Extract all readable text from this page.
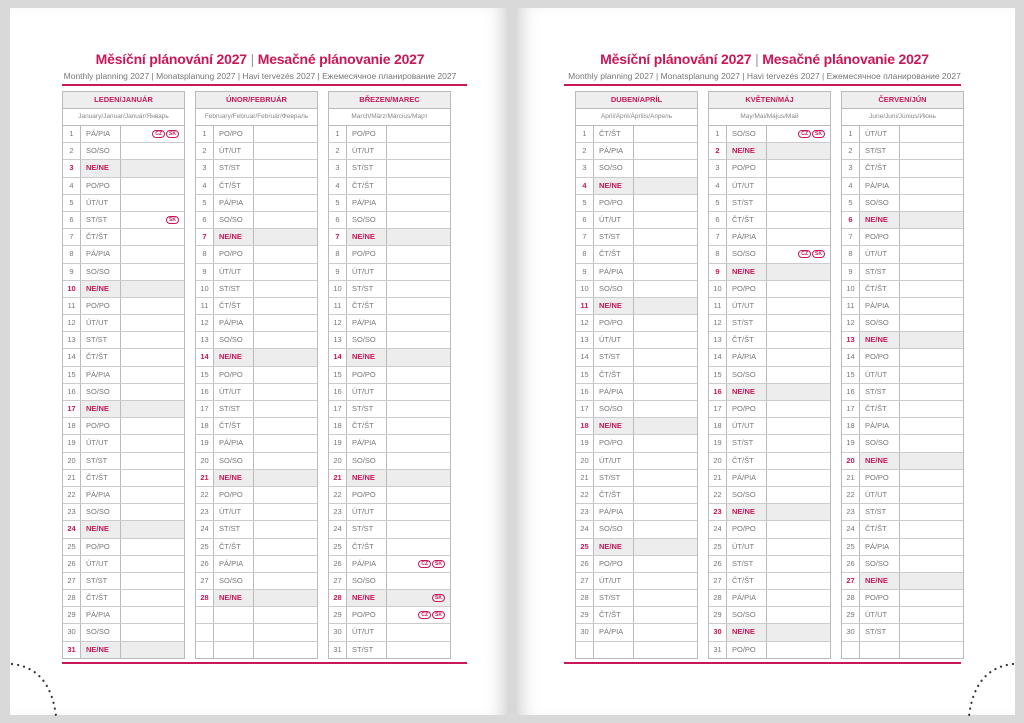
Měsíční plánování 2027 | Mesačné plánovanie 2027
Monthly planning 2027 | Monatsplanung 2027 | Havi tervezés 2027 | Ежемесячное планирование 2027
Měsíční plánování 2027 | Mesačné plánovanie 2027
Monthly planning 2027 | Monatsplanung 2027 | Havi tervezés 2027 | Ежемесячное планирование 2027
LEDEN/JANUÁR
January/Januar/Január/Январь
1	PÁ/PIA	CZ SK
2	SO/SO
3	NE/NE
4	PO/PO
5	ÚT/UT
6	ST/ST	SK
7	ČT/ŠT
8	PÁ/PIA
9	SO/SO
10	NE/NE
11	PO/PO
12	ÚT/UT
13	ST/ST
14	ČT/ŠT
15	PÁ/PIA
16	SO/SO
17	NE/NE
18	PO/PO
19	ÚT/UT
20	ST/ST
21	ČT/ŠT
22	PÁ/PIA
23	SO/SO
24	NE/NE
25	PO/PO
26	ÚT/UT
27	ST/ST
28	ČT/ŠT
29	PÁ/PIA
30	SO/SO
31	NE/NE
ÚNOR/FEBRUÁR
February/Februar/Február/Февраль
1	PO/PO
2	ÚT/UT
3	ST/ST
4	ČT/ŠT
5	PÁ/PIA
6	SO/SO
7	NE/NE
8	PO/PO
9	ÚT/UT
10	ST/ST
11	ČT/ŠT
12	PÁ/PIA
13	SO/SO
14	NE/NE
15	PO/PO
16	ÚT/UT
17	ST/ST
18	ČT/ŠT
19	PÁ/PIA
20	SO/SO
21	NE/NE
22	PO/PO
23	ÚT/UT
24	ST/ST
25	ČT/ŠT
26	PÁ/PIA
27	SO/SO
28	NE/NE
BŘEZEN/MAREC
March/März/Március/Март
1	PO/PO
2	ÚT/UT
3	ST/ST
4	ČT/ŠT
5	PÁ/PIA
6	SO/SO
7	NE/NE
8	PO/PO
9	ÚT/UT
10	ST/ST
11	ČT/ŠT
12	PÁ/PIA
13	SO/SO
14	NE/NE
15	PO/PO
16	ÚT/UT
17	ST/ST
18	ČT/ŠT
19	PÁ/PIA
20	SO/SO
21	NE/NE
22	PO/PO
23	ÚT/UT
24	ST/ST
25	ČT/ŠT
26	PÁ/PIA	CZ SK
27	SO/SO
28	NE/NE	SK
29	PO/PO	CZ SK
30	ÚT/UT
31	ST/ST
DUBEN/APRÍL
April/April/Április/Апрель
1	ČT/ŠT
2	PÁ/PIA
3	SO/SO
4	NE/NE
5	PO/PO
6	ÚT/UT
7	ST/ST
8	ČT/ŠT
9	PÁ/PIA
10	SO/SO
11	NE/NE
12	PO/PO
13	ÚT/UT
14	ST/ST
15	ČT/ŠT
16	PÁ/PIA
17	SO/SO
18	NE/NE
19	PO/PO
20	ÚT/UT
21	ST/ST
22	ČT/ŠT
23	PÁ/PIA
24	SO/SO
25	NE/NE
26	PO/PO
27	ÚT/UT
28	ST/ST
29	ČT/ŠT
30	PÁ/PIA
KVĚTEN/MÁJ
May/Mai/Május/Май
1	SO/SO	CZ SK
2	NE/NE
3	PO/PO
4	ÚT/UT
5	ST/ST
6	ČT/ŠT
7	PÁ/PIA
8	SO/SO	CZ SK
9	NE/NE
10	PO/PO
11	ÚT/UT
12	ST/ST
13	ČT/ŠT
14	PÁ/PIA
15	SO/SO
16	NE/NE
17	PO/PO
18	ÚT/UT
19	ST/ST
20	ČT/ŠT
21	PÁ/PIA
22	SO/SO
23	NE/NE
24	PO/PO
25	ÚT/UT
26	ST/ST
27	ČT/ŠT
28	PÁ/PIA
29	SO/SO
30	NE/NE
31	PO/PO
ČERVEN/JÚN
June/Juni/Június/Июнь
1	ÚT/UT
2	ST/ST
3	ČT/ŠT
4	PÁ/PIA
5	SO/SO
6	NE/NE
7	PO/PO
8	ÚT/UT
9	ST/ST
10	ČT/ŠT
11	PÁ/PIA
12	SO/SO
13	NE/NE
14	PO/PO
15	ÚT/UT
16	ST/ST
17	ČT/ŠT
18	PÁ/PIA
19	SO/SO
20	NE/NE
21	PO/PO
22	ÚT/UT
23	ST/ST
24	ČT/ŠT
25	PÁ/PIA
26	SO/SO
27	NE/NE
28	PO/PO
29	ÚT/UT
30	ST/ST
